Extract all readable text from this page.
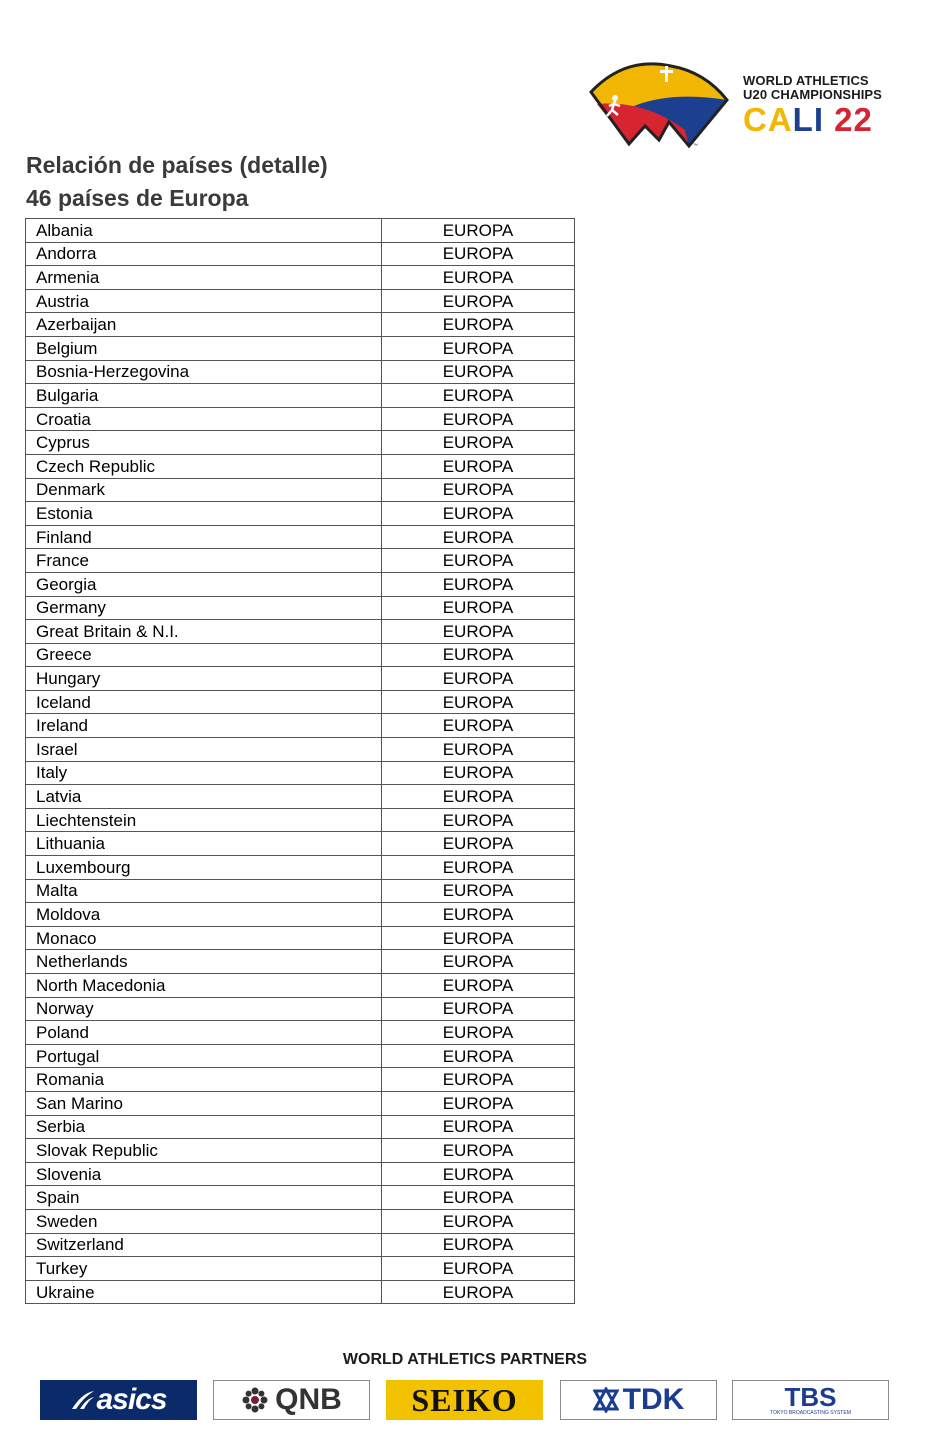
™
WORLD ATHLETICS
U20 CHAMPIONSHIPS
CALI 22
Relación de países (detalle)
46 países de Europa
Albania	EUROPA
Andorra	EUROPA
Armenia	EUROPA
Austria	EUROPA
Azerbaijan	EUROPA
Belgium	EUROPA
Bosnia-Herzegovina	EUROPA
Bulgaria	EUROPA
Croatia	EUROPA
Cyprus	EUROPA
Czech Republic	EUROPA
Denmark	EUROPA
Estonia	EUROPA
Finland	EUROPA
France	EUROPA
Georgia	EUROPA
Germany	EUROPA
Great Britain & N.I.	EUROPA
Greece	EUROPA
Hungary	EUROPA
Iceland	EUROPA
Ireland	EUROPA
Israel	EUROPA
Italy	EUROPA
Latvia	EUROPA
Liechtenstein	EUROPA
Lithuania	EUROPA
Luxembourg	EUROPA
Malta	EUROPA
Moldova	EUROPA
Monaco	EUROPA
Netherlands	EUROPA
North Macedonia	EUROPA
Norway	EUROPA
Poland	EUROPA
Portugal	EUROPA
Romania	EUROPA
San Marino	EUROPA
Serbia	EUROPA
Slovak Republic	EUROPA
Slovenia	EUROPA
Spain	EUROPA
Sweden	EUROPA
Switzerland	EUROPA
Turkey	EUROPA
Ukraine	EUROPA
WORLD ATHLETICS PARTNERS
asics	QNB SEIKO	TDK	TBS
TOKYO BROADCASTING SYSTEM
